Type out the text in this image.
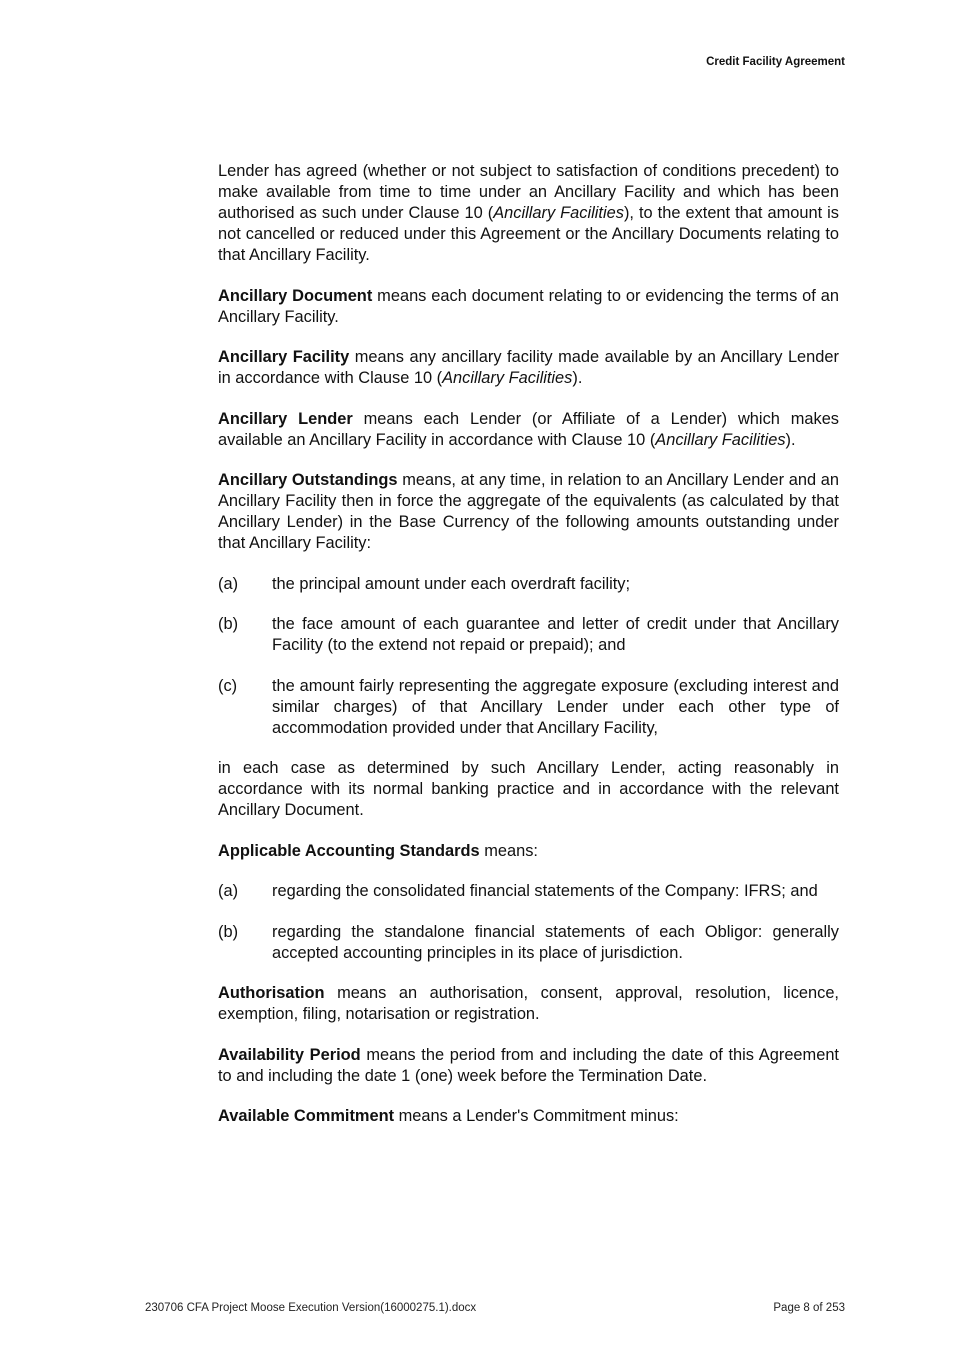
Credit Facility Agreement

Lender has agreed (whether or not subject to satisfaction of conditions precedent) to make available from time to time under an Ancillary Facility and which has been authorised as such under Clause 10 (Ancillary Facilities), to the extent that amount is not cancelled or reduced under this Agreement or the Ancillary Documents relating to that Ancillary Facility.

Ancillary Document means each document relating to or evidencing the terms of an Ancillary Facility.

Ancillary Facility means any ancillary facility made available by an Ancillary Lender in accordance with Clause 10 (Ancillary Facilities).

Ancillary Lender means each Lender (or Affiliate of a Lender) which makes available an Ancillary Facility in accordance with Clause 10 (Ancillary Facilities).

Ancillary Outstandings means, at any time, in relation to an Ancillary Lender and an Ancillary Facility then in force the aggregate of the equivalents (as calculated by that Ancillary Lender) in the Base Currency of the following amounts outstanding under that Ancillary Facility:

(a)	the principal amount under each overdraft facility;
(b)	the face amount of each guarantee and letter of credit under that Ancillary Facility (to the extend not repaid or prepaid); and
(c)	the amount fairly representing the aggregate exposure (excluding interest and similar charges) of that Ancillary Lender under each other type of accommodation provided under that Ancillary Facility,

in each case as determined by such Ancillary Lender, acting reasonably in accordance with its normal banking practice and in accordance with the relevant Ancillary Document.

Applicable Accounting Standards means:

(a)	regarding the consolidated financial statements of the Company: IFRS; and
(b)	regarding the standalone financial statements of each Obligor: generally accepted accounting principles in its place of jurisdiction.

Authorisation means an authorisation, consent, approval, resolution, licence, exemption, filing, notarisation or registration.

Availability Period means the period from and including the date of this Agreement to and including the date 1 (one) week before the Termination Date.

Available Commitment means a Lender's Commitment minus:

230706 CFA Project Moose Execution Version(16000275.1).docx	Page 8 of 253
